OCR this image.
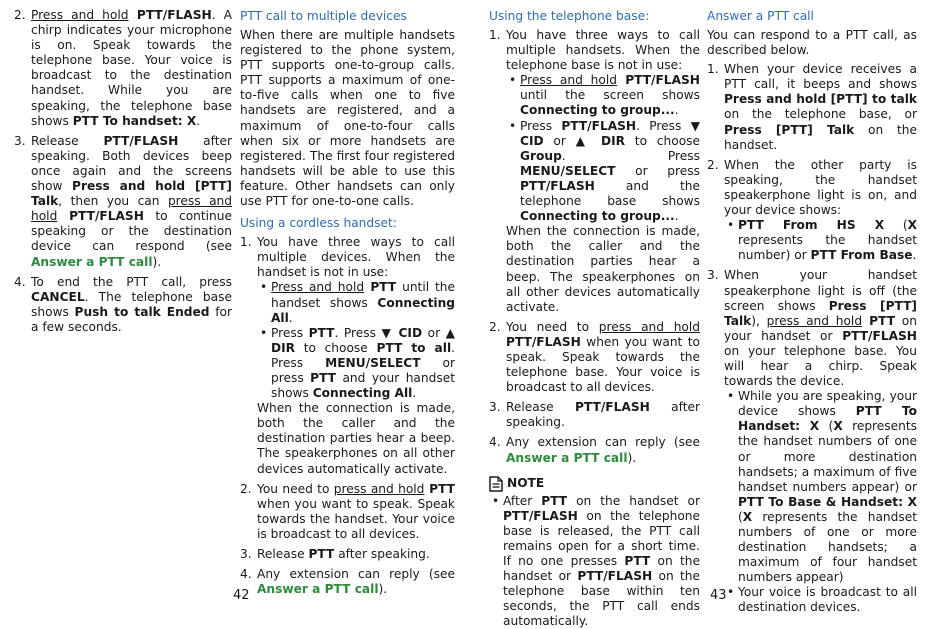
2. Press and hold PTT/FLASH. A chirp indicates your microphone is on. Speak towards the telephone base. Your voice is broadcast to the destination handset. While you are speaking, the telephone base shows PTT To handset: X.
3. Release PTT/FLASH after speaking. Both devices beep once again and the screens show Press and hold [PTT] Talk, then you can press and hold PTT/FLASH to continue speaking or the destination device can respond (see Answer a PTT call).
4. To end the PTT call, press CANCEL. The telephone base shows Push to talk Ended for a few seconds.
PTT call to multiple devices

When there are multiple handsets registered to the phone system, PTT supports one-to-group calls. PTT supports a maximum of one-to-five calls when one to five handsets are registered, and a maximum of one-to-four calls when six or more handsets are registered. The first four registered handsets will be able to use this feature. Other handsets can only use PTT for one-to-one calls.

Using a cordless handset:
1. You have three ways to call multiple devices. When the handset is not in use:
• Press and hold PTT until the handset shows Connecting All.
• Press PTT. Press ▼ CID or ▲ DIR to choose PTT to all. Press MENU/SELECT or press PTT and your handset shows Connecting All.

When the connection is made, both the caller and the destination parties hear a beep. The speakerphones on all other devices automatically activate.

2. You need to press and hold PTT when you want to speak. Speak towards the handset. Your voice is broadcast to all devices.
3. Release PTT after speaking.
4. Any extension can reply (see Answer a PTT call).
Using the telephone base:
1. You have three ways to call multiple handsets. When the telephone base is not in use:
• Press and hold PTT/FLASH until the screen shows Connecting to group....
• Press PTT/FLASH. Press ▼ CID or ▲ DIR to choose Group. Press MENU/SELECT or press PTT/FLASH and the telephone base shows Connecting to group....

When the connection is made, both the caller and the destination parties hear a beep. The speakerphones on all other devices automatically activate.

2. You need to press and hold PTT/FLASH when you want to speak. Speak towards the telephone base. Your voice is broadcast to all devices.
3. Release PTT/FLASH after speaking.
4. Any extension can reply (see Answer a PTT call).
NOTE
• After PTT on the handset or PTT/FLASH on the telephone base is released, the PTT call remains open for a short time. If no one presses PTT on the handset or PTT/FLASH on the telephone base within ten seconds, the PTT call ends automatically.
Answer a PTT call

You can respond to a PTT call, as described below.

1. When your device receives a PTT call, it beeps and shows Press and hold [PTT] to talk on the telephone base, or Press [PTT] Talk on the handset.
2. When the other party is speaking, the handset speakerphone light is on, and your device shows:
• PTT From HS X (X represents the handset number) or PTT From Base.
3. When your handset speakerphone light is off (the screen shows Press [PTT] Talk), press and hold PTT on your handset or PTT/FLASH on your telephone base. You will hear a chirp. Speak towards the device.
• While you are speaking, your device shows PTT To Handset: X (X represents the handset numbers of one or more destination handsets; a maximum of five handset numbers appear) or PTT To Base & Handset: X (X represents the handset numbers of one or more destination handsets; a maximum of four handset numbers appear)
• Your voice is broadcast to all destination devices.
42	43
